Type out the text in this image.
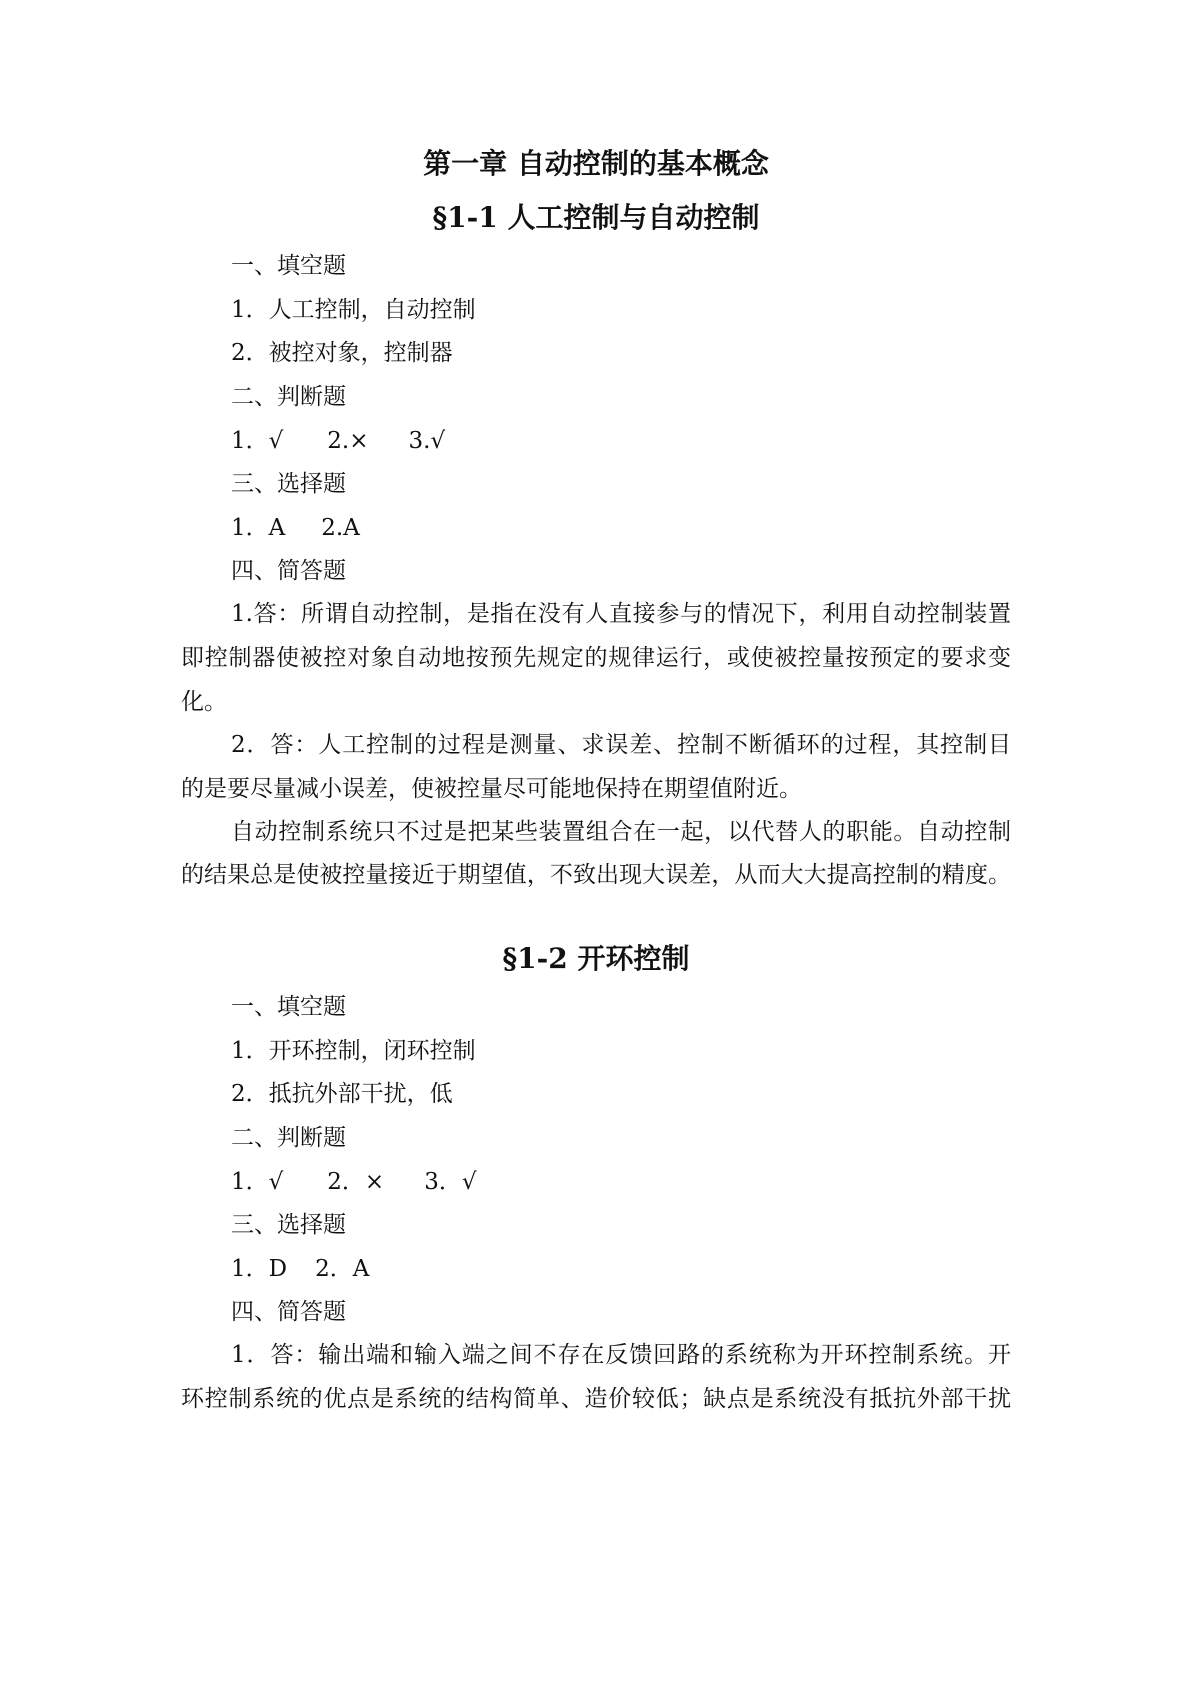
第一章 自动控制的基本概念
§1-1 人工控制与自动控制
一、填空题
1．人工控制，自动控制
2．被控对象，控制器
二、判断题
1．√ 2.× 3.√
三、选择题
1．A 2.A
四、简答题
1.答：所谓自动控制，是指在没有人直接参与的情况下，利用自动控制装置
即控制器使被控对象自动地按预先规定的规律运行，或使被控量按预定的要求变
化。
2．答：人工控制的过程是测量、求误差、控制不断循环的过程，其控制目
的是要尽量减小误差，使被控量尽可能地保持在期望值附近。
自动控制系统只不过是把某些装置组合在一起，以代替人的职能。自动控制
的结果总是使被控量接近于期望值，不致出现大误差，从而大大提高控制的精度。
§1-2 开环控制
一、填空题
1．开环控制，闭环控制
2．抵抗外部干扰，低
二、判断题
1．√ 2．× 3．√
三、选择题
1．D 2．A
四、简答题
1．答：输出端和输入端之间不存在反馈回路的系统称为开环控制系统。开
环控制系统的优点是系统的结构简单、造价较低；缺点是系统没有抵抗外部干扰
